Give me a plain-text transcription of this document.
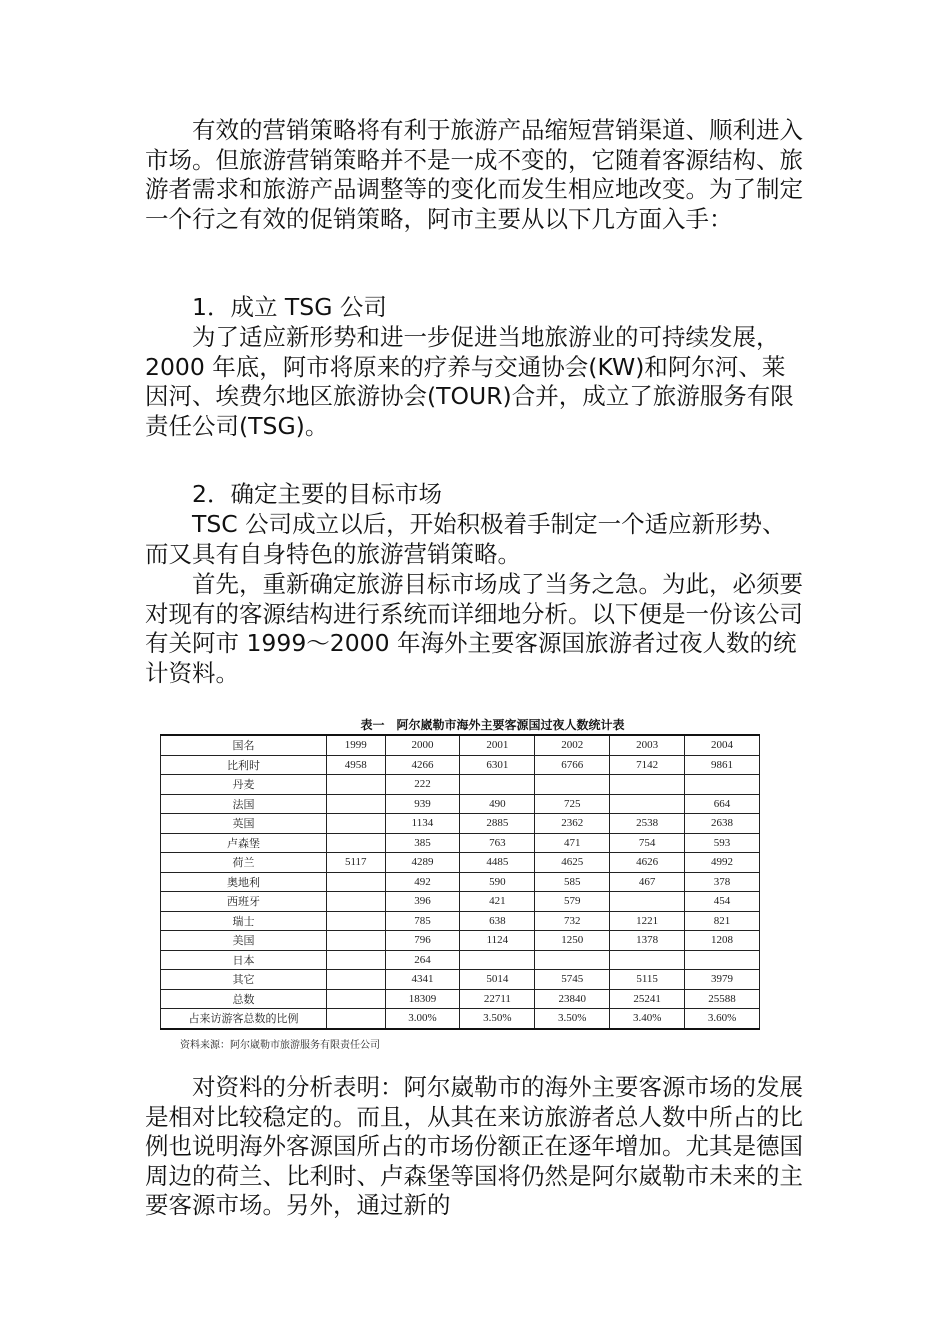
有效的营销策略将有利于旅游产品缩短营销渠道、顺利进入市场。但旅游营销策略并不是一成不变的，它随着客源结构、旅游者需求和旅游产品调整等的变化而发生相应地改变。为了制定一个行之有效的促销策略，阿市主要从以下几方面入手：

1．成立 TSG 公司

为了适应新形势和进一步促进当地旅游业的可持续发展，2000 年底，阿市将原来的疗养与交通协会(KW)和阿尔河、莱因河、埃费尔地区旅游协会(TOUR)合并，成立了旅游服务有限责任公司(TSG)。

2．确定主要的目标市场

TSC 公司成立以后，开始积极着手制定一个适应新形势、而又具有自身特色的旅游营销策略。

首先，重新确定旅游目标市场成了当务之急。为此，必须要对现有的客源结构进行系统而详细地分析。以下便是一份该公司有关阿市 1999～2000 年海外主要客源国旅游者过夜人数的统计资料。

表一　阿尔崴勒市海外主要客源国过夜人数统计表
国名	1999	2000	2001	2002	2003	2004
比利时	4958	4266	6301	6766	7142	9861
丹麦		222				
法国		939	490	725		664
英国		1134	2885	2362	2538	2638
卢森堡		385	763	471	754	593
荷兰	5117	4289	4485	4625	4626	4992
奥地利		492	590	585	467	378
西班牙		396	421	579		454
瑞士		785	638	732	1221	821
美国		796	1124	1250	1378	1208
日本		264				
其它		4341	5014	5745	5115	3979
总数		18309	22711	23840	25241	25588
占来访游客总数的比例		3.00%	3.50%	3.50%	3.40%	3.60%
资料来源：阿尔崴勒市旅游服务有限责任公司

对资料的分析表明：阿尔崴勒市的海外主要客源市场的发展是相对比较稳定的。而且，从其在来访旅游者总人数中所占的比例也说明海外客源国所占的市场份额正在逐年增加。尤其是德国周边的荷兰、比利时、卢森堡等国将仍然是阿尔崴勒市未来的主要客源市场。另外，通过新的
